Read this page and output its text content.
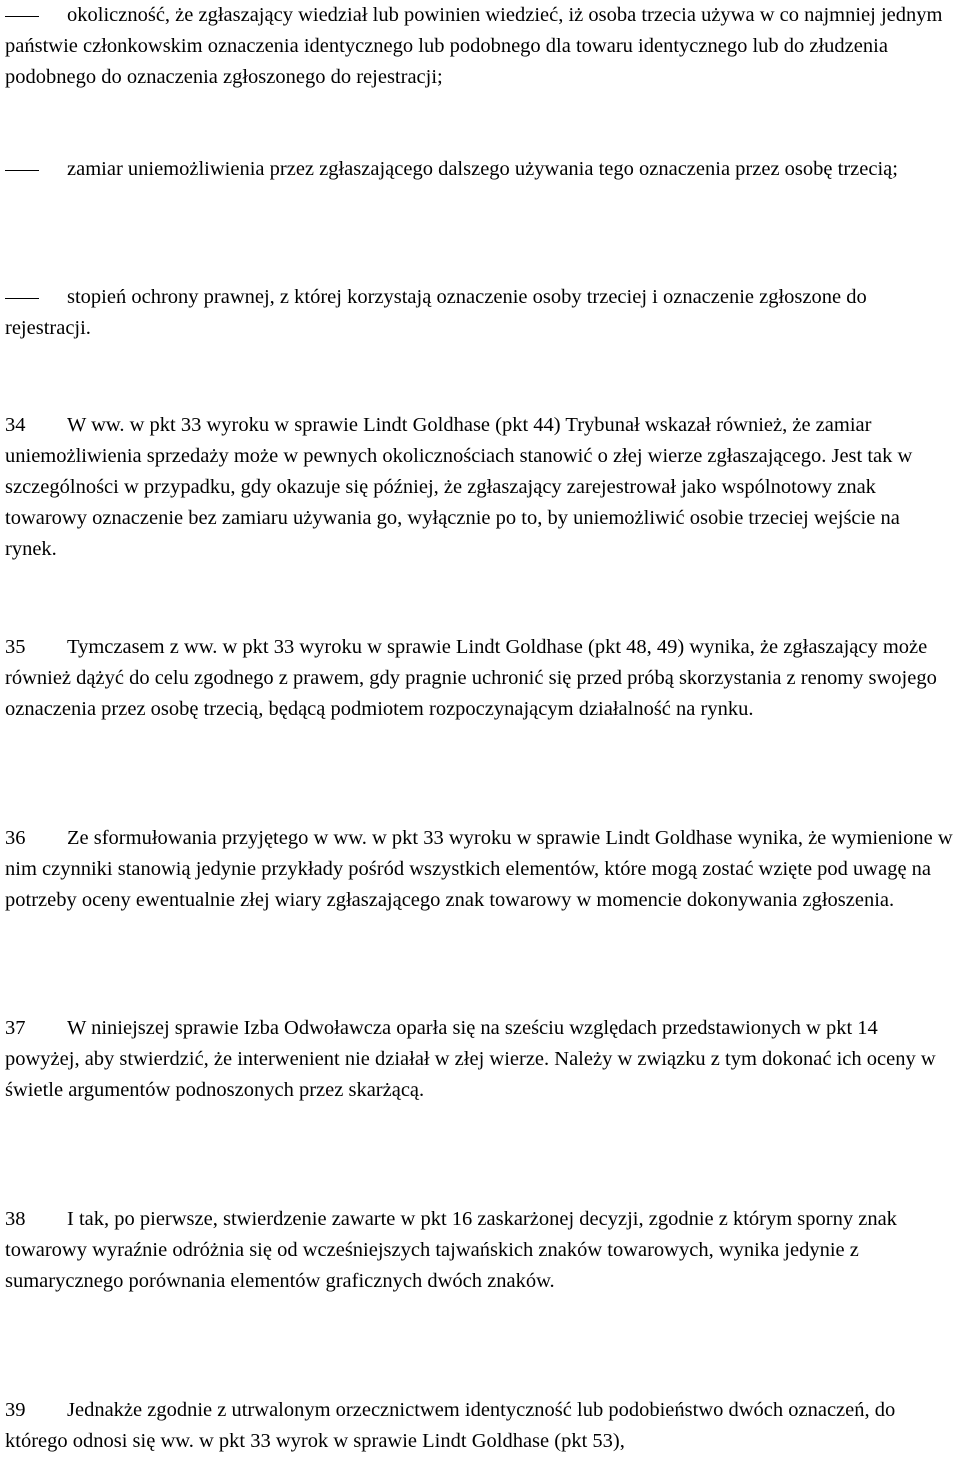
okoliczność, że zgłaszający wiedział lub powinien wiedzieć, iż osoba trzecia używa w co najmniej jednym państwie członkowskim oznaczenia identycznego lub podobnego dla towaru identycznego lub do złudzenia podobnego do oznaczenia zgłoszonego do rejestracji;
zamiar uniemożliwienia przez zgłaszającego dalszego używania tego oznaczenia przez osobę trzecią;
stopień ochrony prawnej, z której korzystają oznaczenie osoby trzeciej i oznaczenie zgłoszone do rejestracji.
34 W ww. w pkt 33 wyroku w sprawie Lindt Goldhase (pkt 44) Trybunał wskazał również, że zamiar uniemożliwienia sprzedaży może w pewnych okolicznościach stanowić o złej wierze zgłaszającego. Jest tak w szczególności w przypadku, gdy okazuje się później, że zgłaszający zarejestrował jako wspólnotowy znak towarowy oznaczenie bez zamiaru używania go, wyłącznie po to, by uniemożliwić osobie trzeciej wejście na rynek.
35 Tymczasem z ww. w pkt 33 wyroku w sprawie Lindt Goldhase (pkt 48, 49) wynika, że zgłaszający może również dążyć do celu zgodnego z prawem, gdy pragnie uchronić się przed próbą skorzystania z renomy swojego oznaczenia przez osobę trzecią, będącą podmiotem rozpoczynającym działalność na rynku.
36 Ze sformułowania przyjętego w ww. w pkt 33 wyroku w sprawie Lindt Goldhase wynika, że wymienione w nim czynniki stanowią jedynie przykłady pośród wszystkich elementów, które mogą zostać wzięte pod uwagę na potrzeby oceny ewentualnie złej wiary zgłaszającego znak towarowy w momencie dokonywania zgłoszenia.
37 W niniejszej sprawie Izba Odwoławcza oparła się na sześciu względach przedstawionych w pkt 14 powyżej, aby stwierdzić, że interwenient nie działał w złej wierze. Należy w związku z tym dokonać ich oceny w świetle argumentów podnoszonych przez skarżącą.
38 I tak, po pierwsze, stwierdzenie zawarte w pkt 16 zaskarżonej decyzji, zgodnie z którym sporny znak towarowy wyraźnie odróżnia się od wcześniejszych tajwańskich znaków towarowych, wynika jedynie z sumarycznego porównania elementów graficznych dwóch znaków.
39 Jednakże zgodnie z utrwalonym orzecznictwem identyczność lub podobieństwo dwóch oznaczeń, do którego odnosi się ww. w pkt 33 wyrok w sprawie Lindt Goldhase (pkt 53),
